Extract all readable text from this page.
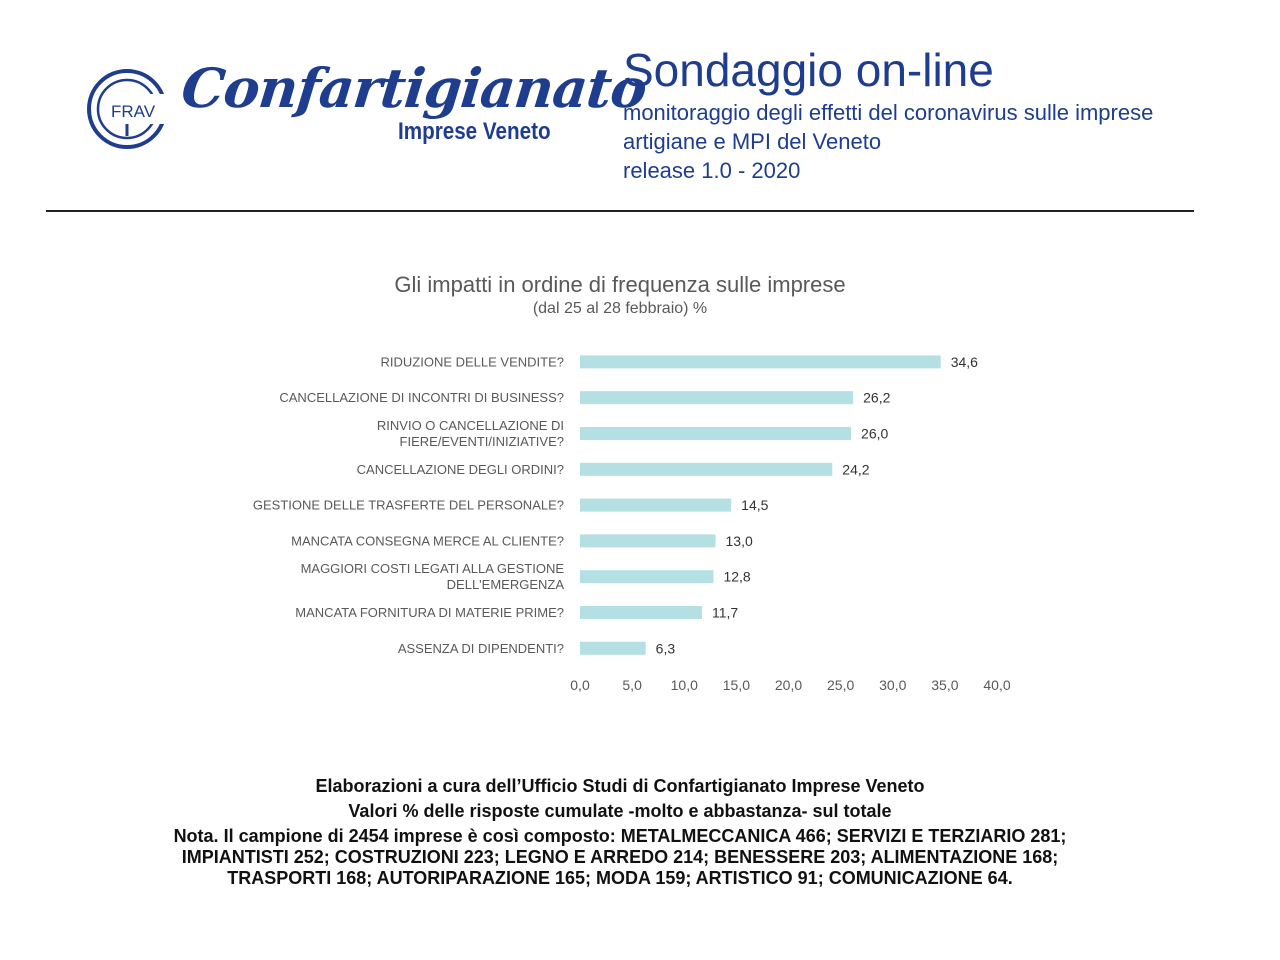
FRAV Confartigianato

Imprese Veneto

Sondaggio on-line

monitoraggio degli effetti del coronavirus sulle imprese

artigiane e MPI del Veneto

release 1.0 - 2020

Gli impatti in ordine di frequenza sulle imprese

(dal 25 al 28 febbraio) %

34,6
RIDUZIONE DELLE VENDITE?
26,2
CANCELLAZIONE DI INCONTRI DI BUSINESS?
26,0
RINVIO O CANCELLAZIONE DI FIERE/EVENTI/INIZIATIVE?
24,2
CANCELLAZIONE DEGLI ORDINI?
14,5
GESTIONE DELLE TRASFERTE DEL PERSONALE?
13,0
MANCATA CONSEGNA MERCE AL CLIENTE?
12,8
MAGGIORI COSTI LEGATI ALLA GESTIONE DELL'EMERGENZA
11,7
MANCATA FORNITURA DI MATERIE PRIME?
6,3
ASSENZA DI DIPENDENTI?
0,0 5,0 10,0 15,0 20,0 25,0 30,0 35,0 40,0

Elaborazioni a cura dell’Ufficio Studi di Confartigianato Imprese Veneto

Valori % delle risposte cumulate -molto e abbastanza- sul totale

Nota. Il campione di 2454 imprese è così composto: METALMECCANICA 466; SERVIZI E TERZIARIO 281;

IMPIANTISTI 252; COSTRUZIONI 223; LEGNO E ARREDO 214; BENESSERE 203; ALIMENTAZIONE 168;

TRASPORTI 168; AUTORIPARAZIONE 165; MODA 159; ARTISTICO 91; COMUNICAZIONE 64.
